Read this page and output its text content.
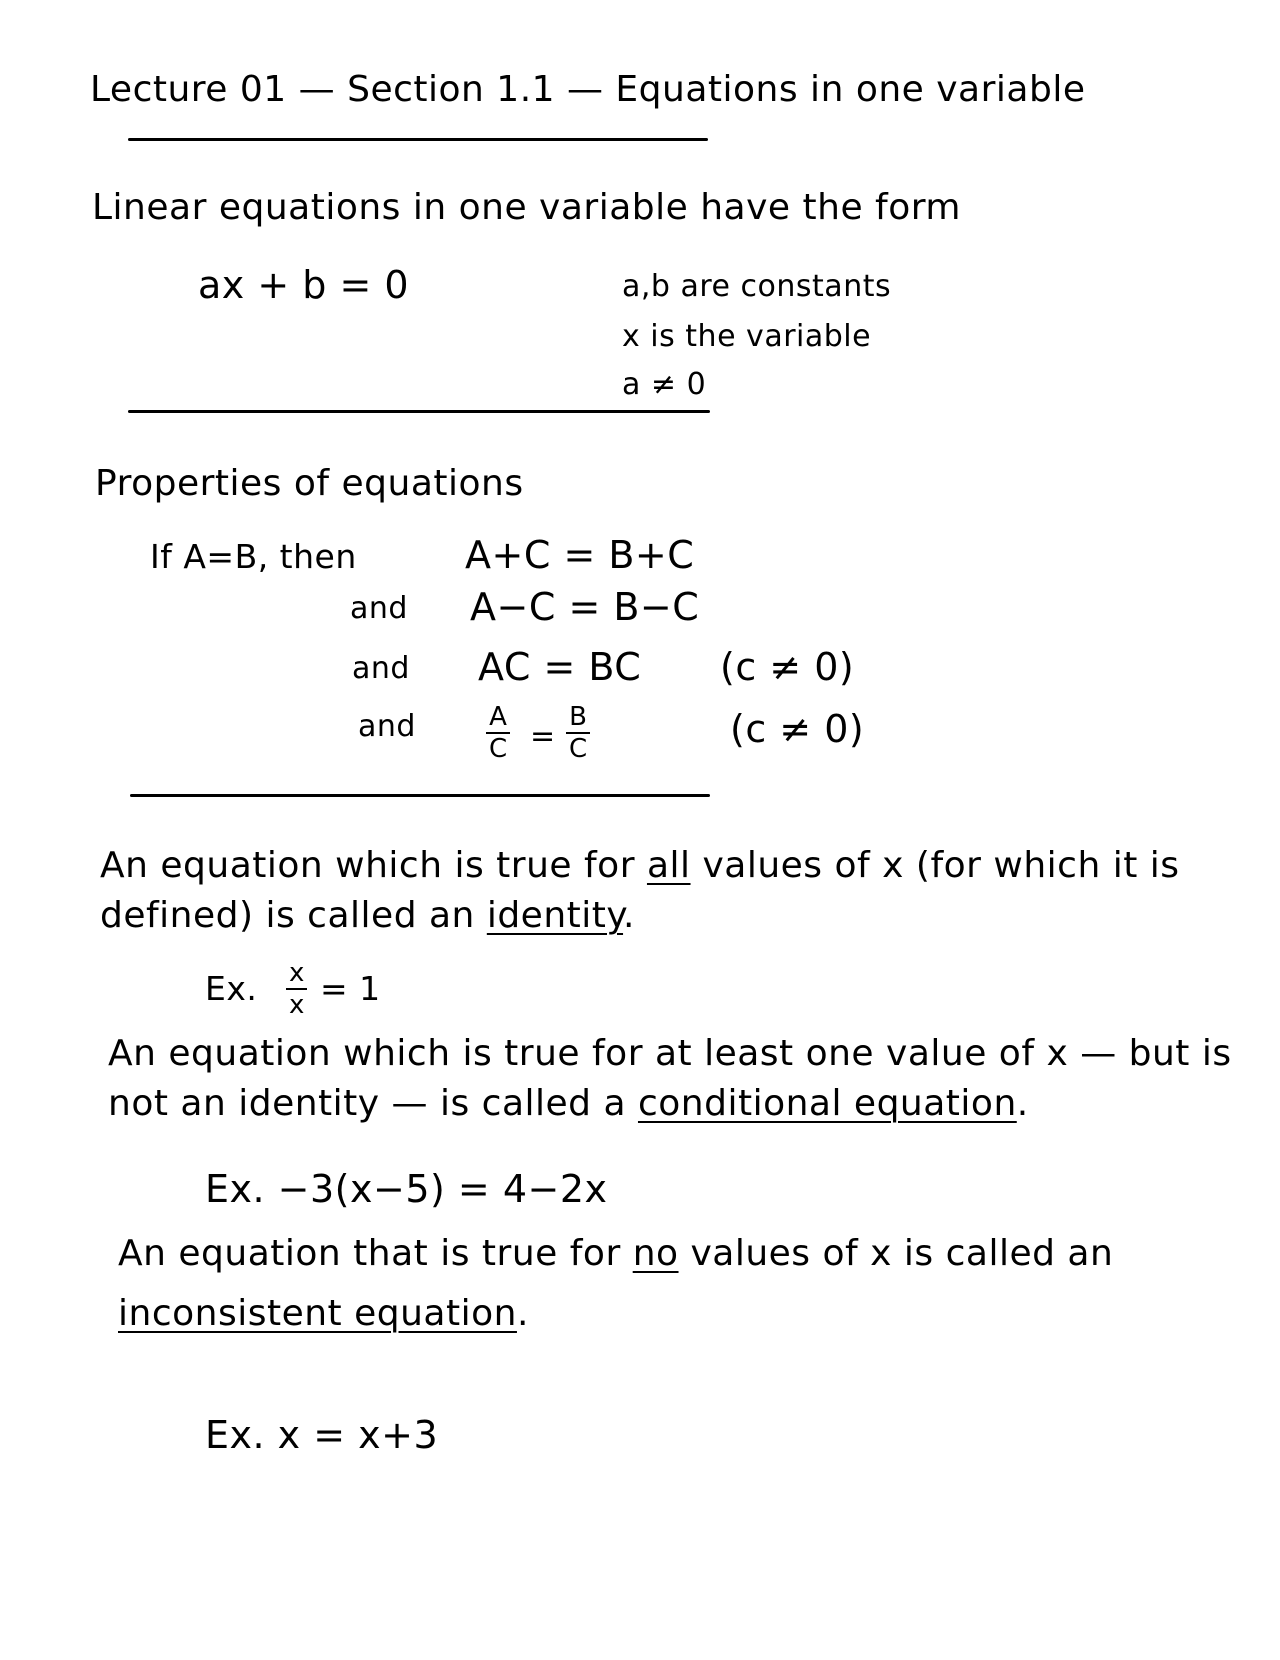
Lecture 01 — Section 1.1 — Equations in one variable
Linear equations in one variable have the form
ax + b = 0	a,b are constants
x is the variable
a ≠ 0
Properties of equations
If A=B, then	A+C = B+C
and A−C = B−C
and AC = BC (c ≠ 0)
and	A
C =
B
C	(c ≠ 0)
An equation which is true for all values of x (for which it is
defined) is called an identity.
Ex. x
x = 1
An equation which is true for at least one value of x — but is
not an identity — is called a conditional equation.
Ex. −3(x−5) = 4−2x
An equation that is true for no values of x is called an
inconsistent equation.
Ex. x = x+3
